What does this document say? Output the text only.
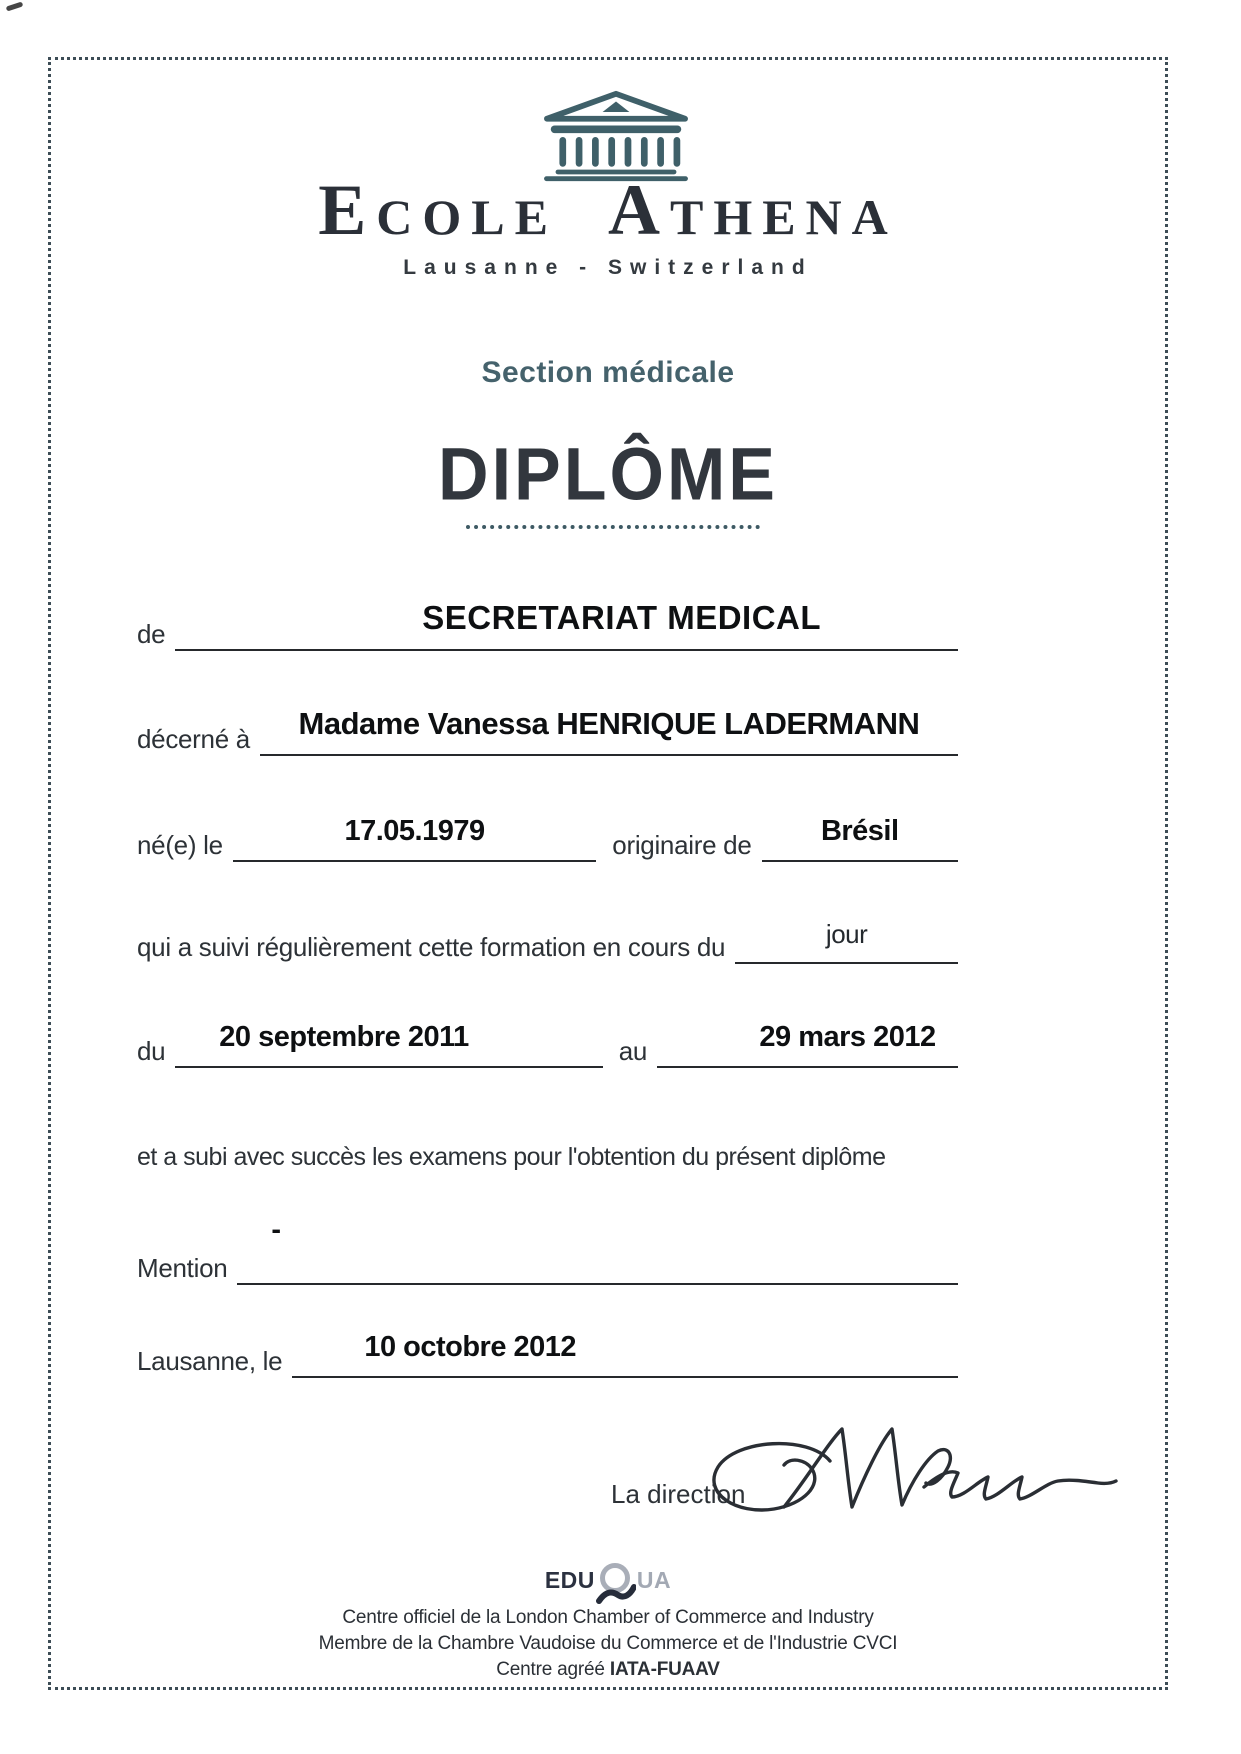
Ecole Athena
Lausanne - Switzerland
Section médicale
DIPLÔME
de	SECRETARIAT MEDICAL
décerné à	Madame Vanessa HENRIQUE LADERMANN
né(e) le	17.05.1979	originaire de	Brésil
qui a suivi régulièrement cette formation en cours du	jour
du	20 septembre 2011	au	29 mars 2012
et a subi avec succès les examens pour l'obtention du présent diplôme
Mention
-
Lausanne, le	10 octobre 2012
La direction
EDU UA
Centre officiel de la London Chamber of Commerce and Industry
Membre de la Chambre Vaudoise du Commerce et de l'Industrie CVCI
Centre agréé IATA-FUAAV
